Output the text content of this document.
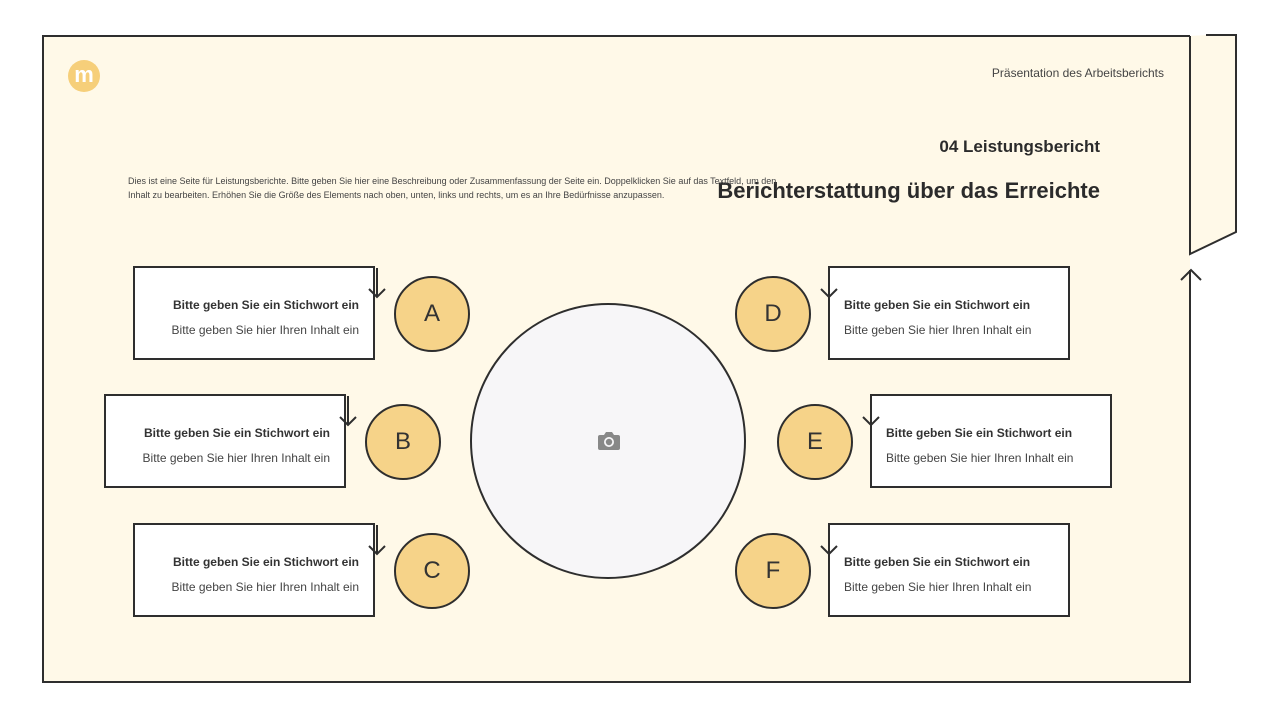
m	Präsentation des Arbeitsberichts
04 Leistungsbericht
Berichterstattung über das Erreichte
Dies ist eine Seite für Leistungsberichte. Bitte geben Sie hier eine Beschreibung oder Zusammenfassung der Seite ein. Doppelklicken Sie auf das Textfeld, um den Inhalt zu bearbeiten. Erhöhen Sie die Größe des Elements nach oben, unten, links und rechts, um es an Ihre Bedürfnisse anzupassen.
Bitte geben Sie ein Stichwort ein
Bitte geben Sie hier Ihren Inhalt ein
A
Bitte geben Sie ein Stichwort ein
Bitte geben Sie hier Ihren Inhalt ein
B
Bitte geben Sie ein Stichwort ein
Bitte geben Sie hier Ihren Inhalt ein
C
Bitte geben Sie ein Stichwort ein
Bitte geben Sie hier Ihren Inhalt ein
D
Bitte geben Sie ein Stichwort ein
Bitte geben Sie hier Ihren Inhalt ein
E
Bitte geben Sie ein Stichwort ein
Bitte geben Sie hier Ihren Inhalt ein
F
